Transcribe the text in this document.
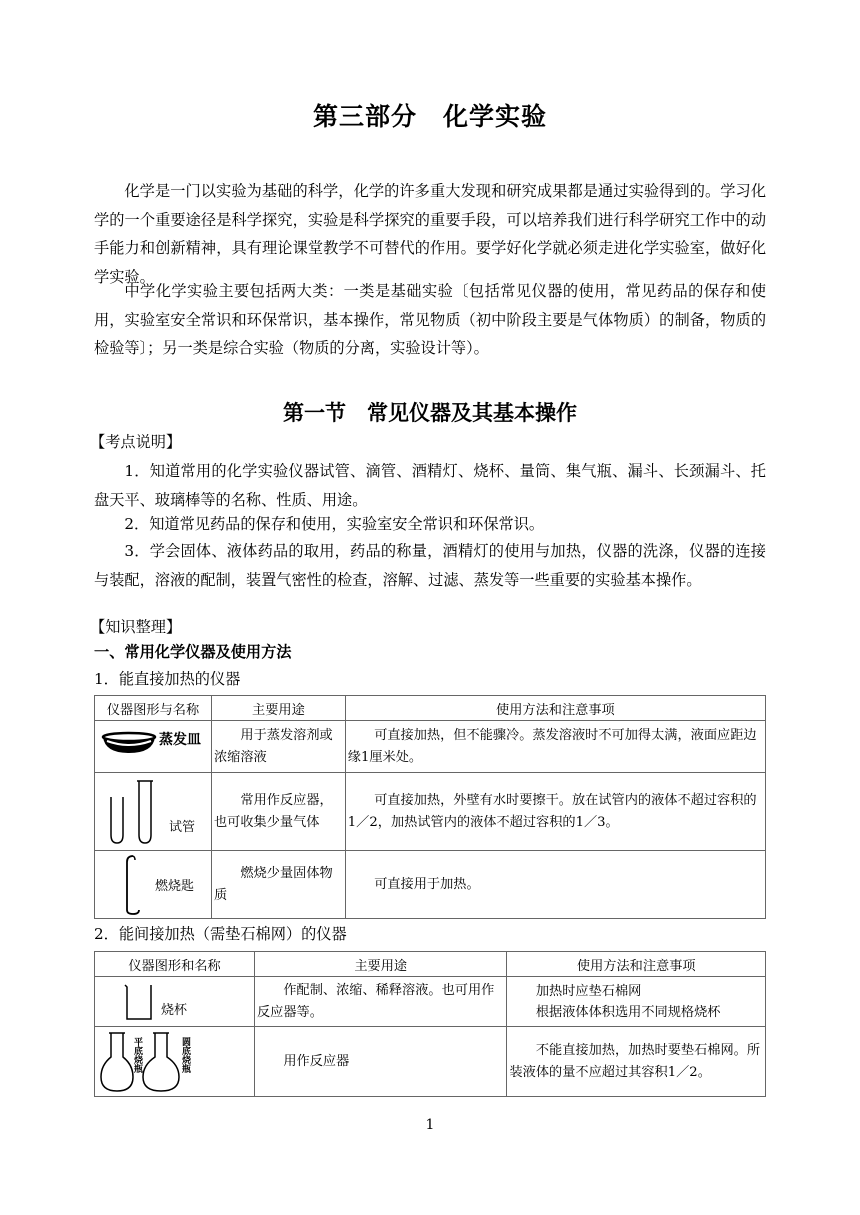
第三部分　化学实验

化学是一门以实验为基础的科学，化学的许多重大发现和研究成果都是通过实验得到的。学习化学的一个重要途径是科学探究，实验是科学探究的重要手段，可以培养我们进行科学研究工作中的动手能力和创新精神，具有理论课堂教学不可替代的作用。要学好化学就必须走进化学实验室，做好化学实验。

中学化学实验主要包括两大类：一类是基础实验〔包括常见仪器的使用，常见药品的保存和使用，实验室安全常识和环保常识，基本操作，常见物质（初中阶段主要是气体物质）的制备，物质的检验等〕；另一类是综合实验（物质的分离，实验设计等）。

第一节　常见仪器及其基本操作

【考点说明】

1．知道常用的化学实验仪器试管、滴管、酒精灯、烧杯、量筒、集气瓶、漏斗、长颈漏斗、托盘天平、玻璃棒等的名称、性质、用途。

2．知道常见药品的保存和使用，实验室安全常识和环保常识。

3．学会固体、液体药品的取用，药品的称量，酒精灯的使用与加热，仪器的洗涤，仪器的连接与装配，溶液的配制，装置气密性的检查，溶解、过滤、蒸发等一些重要的实验基本操作。

【知识整理】

一、常用化学仪器及使用方法

1．能直接加热的仪器

仪器图形与名称	主要用途	使用方法和注意事项

蒸发皿	用于蒸发溶剂或浓缩溶液	可直接加热，但不能骤冷。蒸发溶液时不可加得太满，液面应距边缘1厘米处。

试管	常用作反应器，也可收集少量气体	可直接加热，外壁有水时要擦干。放在试管内的液体不超过容积的1／2，加热试管内的液体不超过容积的1／3。

燃烧匙	燃烧少量固体物质	可直接用于加热。

2．能间接加热（需垫石棉网）的仪器

仪器图形和名称	主要用途	使用方法和注意事项

烧杯	作配制、浓缩、稀释溶液。也可用作反应器等。	加热时应垫石棉网
根据液体体积选用不同规格烧杯

平底烧瓶 圆底烧瓶	用作反应器	不能直接加热，加热时要垫石棉网。所装液体的量不应超过其容积1／2。
1
